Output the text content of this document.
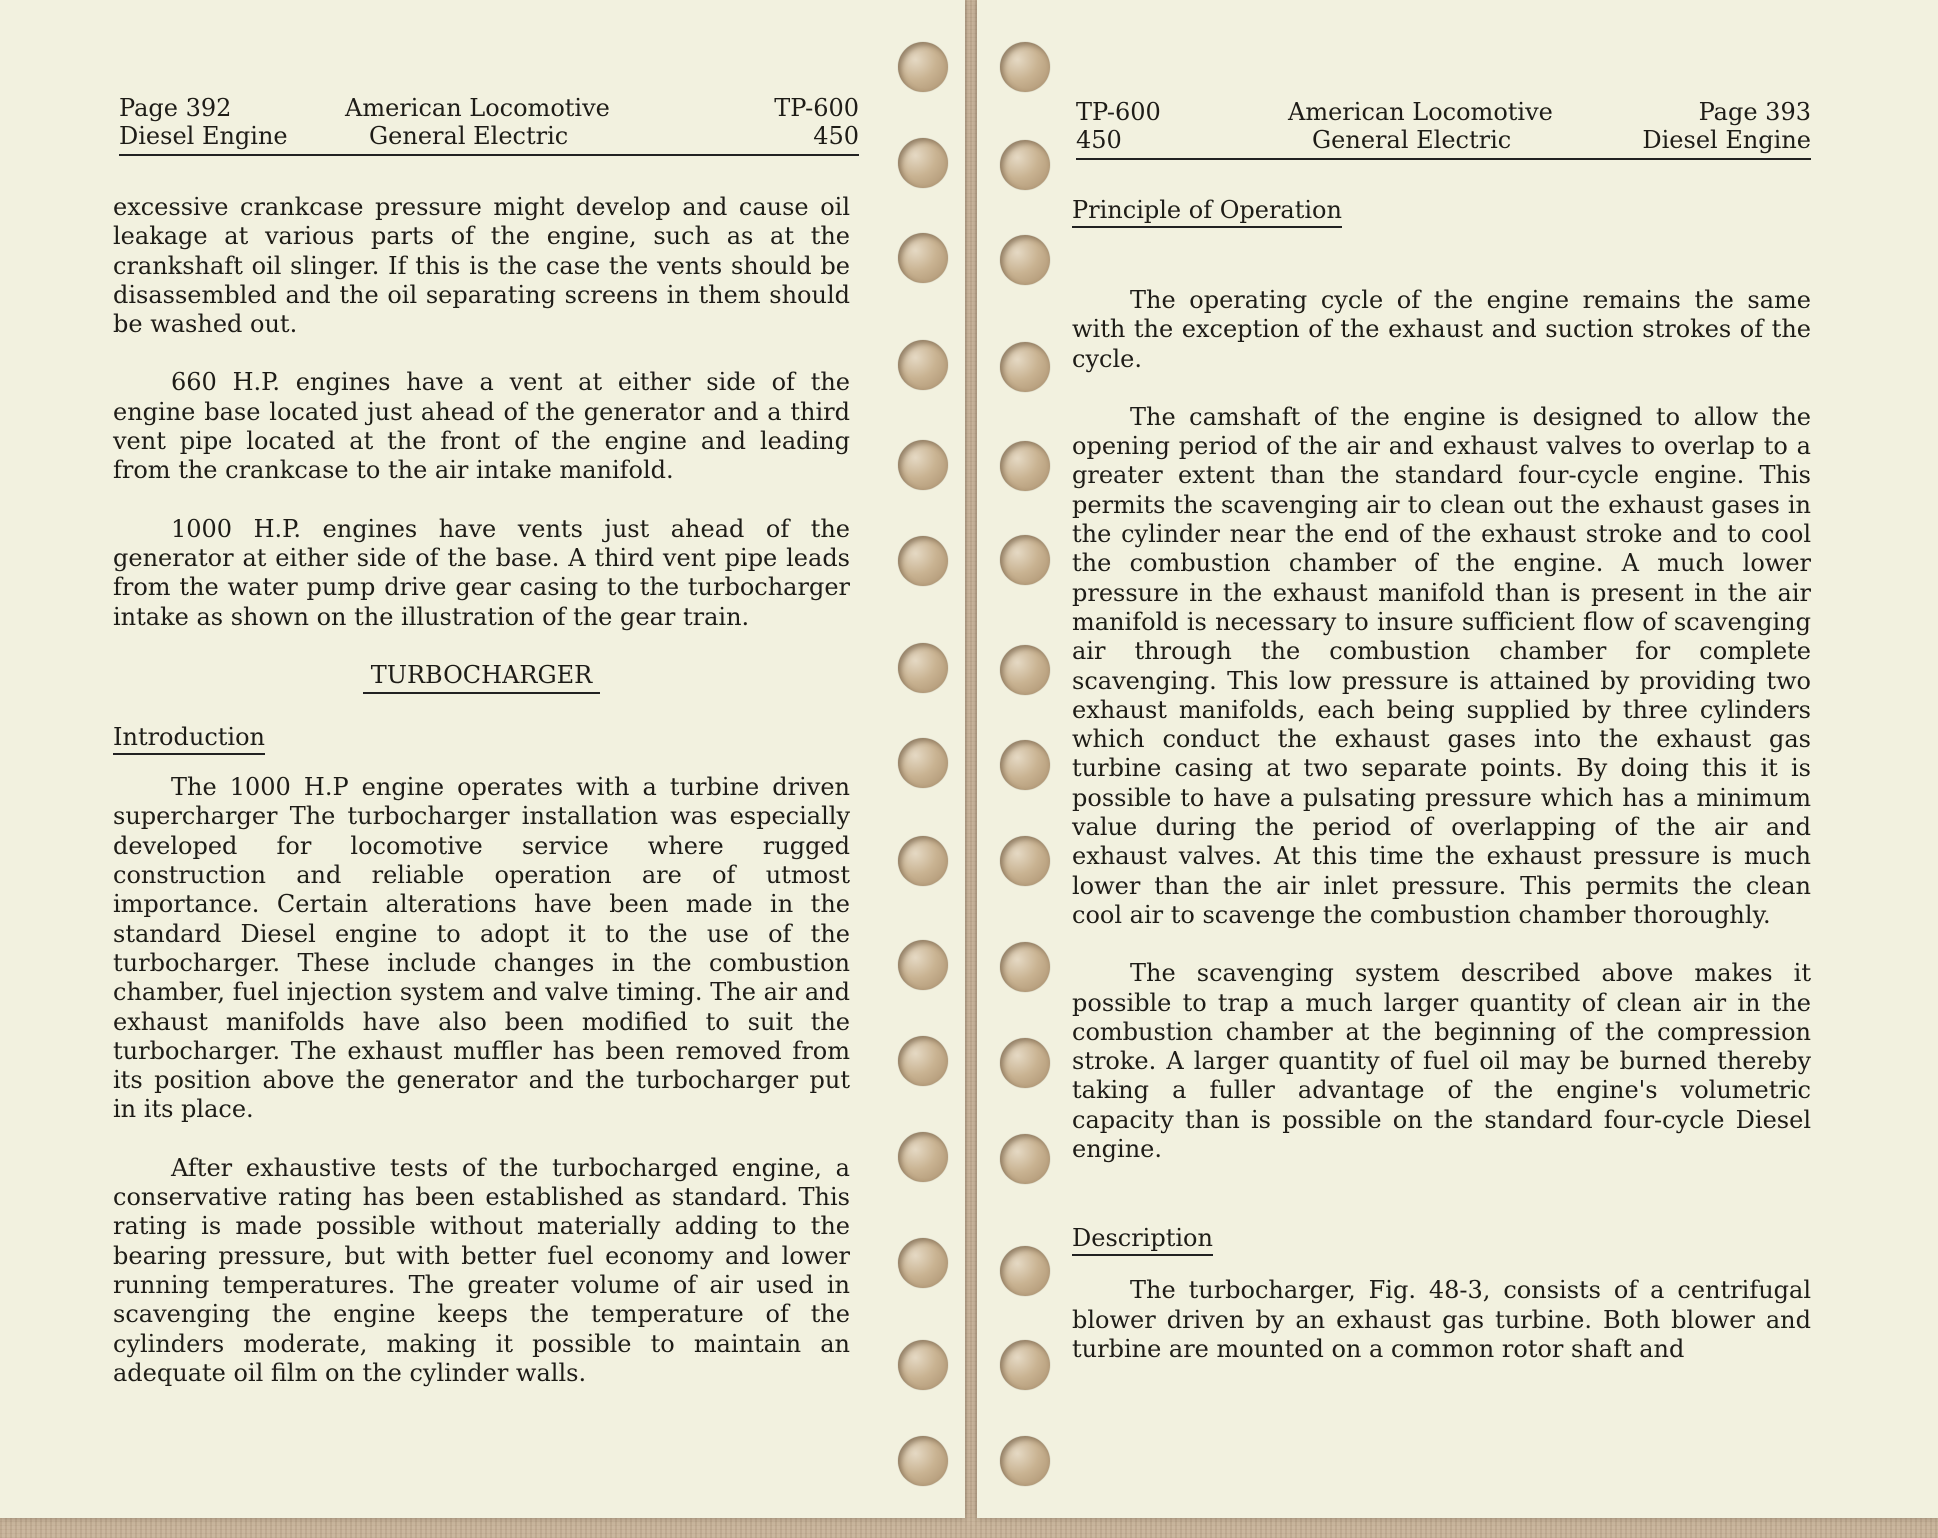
Page 392
Diesel Engine
American Locomotive
General Electric
TP-600
450

excessive crankcase pressure might develop and cause oil leakage at various parts of the engine, such as at the crankshaft oil slinger. If this is the case the vents should be disassembled and the oil separating screens in them should be washed out.

660 H.P. engines have a vent at either side of the engine base located just ahead of the generator and a third vent pipe located at the front of the engine and leading from the crankcase to the air intake manifold.

1000 H.P. engines have vents just ahead of the generator at either side of the base. A third vent pipe leads from the water pump drive gear casing to the turbocharger intake as shown on the illustration of the gear train.

TURBOCHARGER

Introduction

The 1000 H.P engine operates with a turbine driven supercharger The turbocharger installation was especially developed for locomotive service where rugged construction and reliable operation are of utmost importance. Certain alterations have been made in the standard Diesel engine to adopt it to the use of the turbocharger. These include changes in the combustion chamber, fuel injection system and valve timing. The air and exhaust manifolds have also been modified to suit the turbocharger. The exhaust muffler has been removed from its position above the generator and the turbocharger put in its place.

After exhaustive tests of the turbocharged engine, a conservative rating has been established as standard. This rating is made possible without materially adding to the bearing pressure, but with better fuel economy and lower running temperatures. The greater volume of air used in scavenging the engine keeps the temperature of the cylinders moderate, making it possible to maintain an adequate oil film on the cylinder walls.

TP-600
450
American Locomotive
General Electric
Page 393
Diesel Engine

Principle of Operation

The operating cycle of the engine remains the same with the exception of the exhaust and suction strokes of the cycle.

The camshaft of the engine is designed to allow the opening period of the air and exhaust valves to overlap to a greater extent than the standard four-cycle engine. This permits the scavenging air to clean out the exhaust gases in the cylinder near the end of the exhaust stroke and to cool the combustion chamber of the engine. A much lower pressure in the exhaust manifold than is present in the air manifold is necessary to insure sufficient flow of scavenging air through the combustion chamber for complete scavenging. This low pressure is attained by providing two exhaust manifolds, each being supplied by three cylinders which conduct the exhaust gases into the exhaust gas turbine casing at two separate points. By doing this it is possible to have a pulsating pressure which has a minimum value during the period of overlapping of the air and exhaust valves. At this time the exhaust pressure is much lower than the air inlet pressure. This permits the clean cool air to scavenge the combustion chamber thoroughly.

The scavenging system described above makes it possible to trap a much larger quantity of clean air in the combustion chamber at the beginning of the compression stroke. A larger quantity of fuel oil may be burned thereby taking a fuller advantage of the engine's volumetric capacity than is possible on the standard four-cycle Diesel engine.

Description

The turbocharger, Fig. 48-3, consists of a centrifugal blower driven by an exhaust gas turbine. Both blower and turbine are mounted on a common rotor shaft and
